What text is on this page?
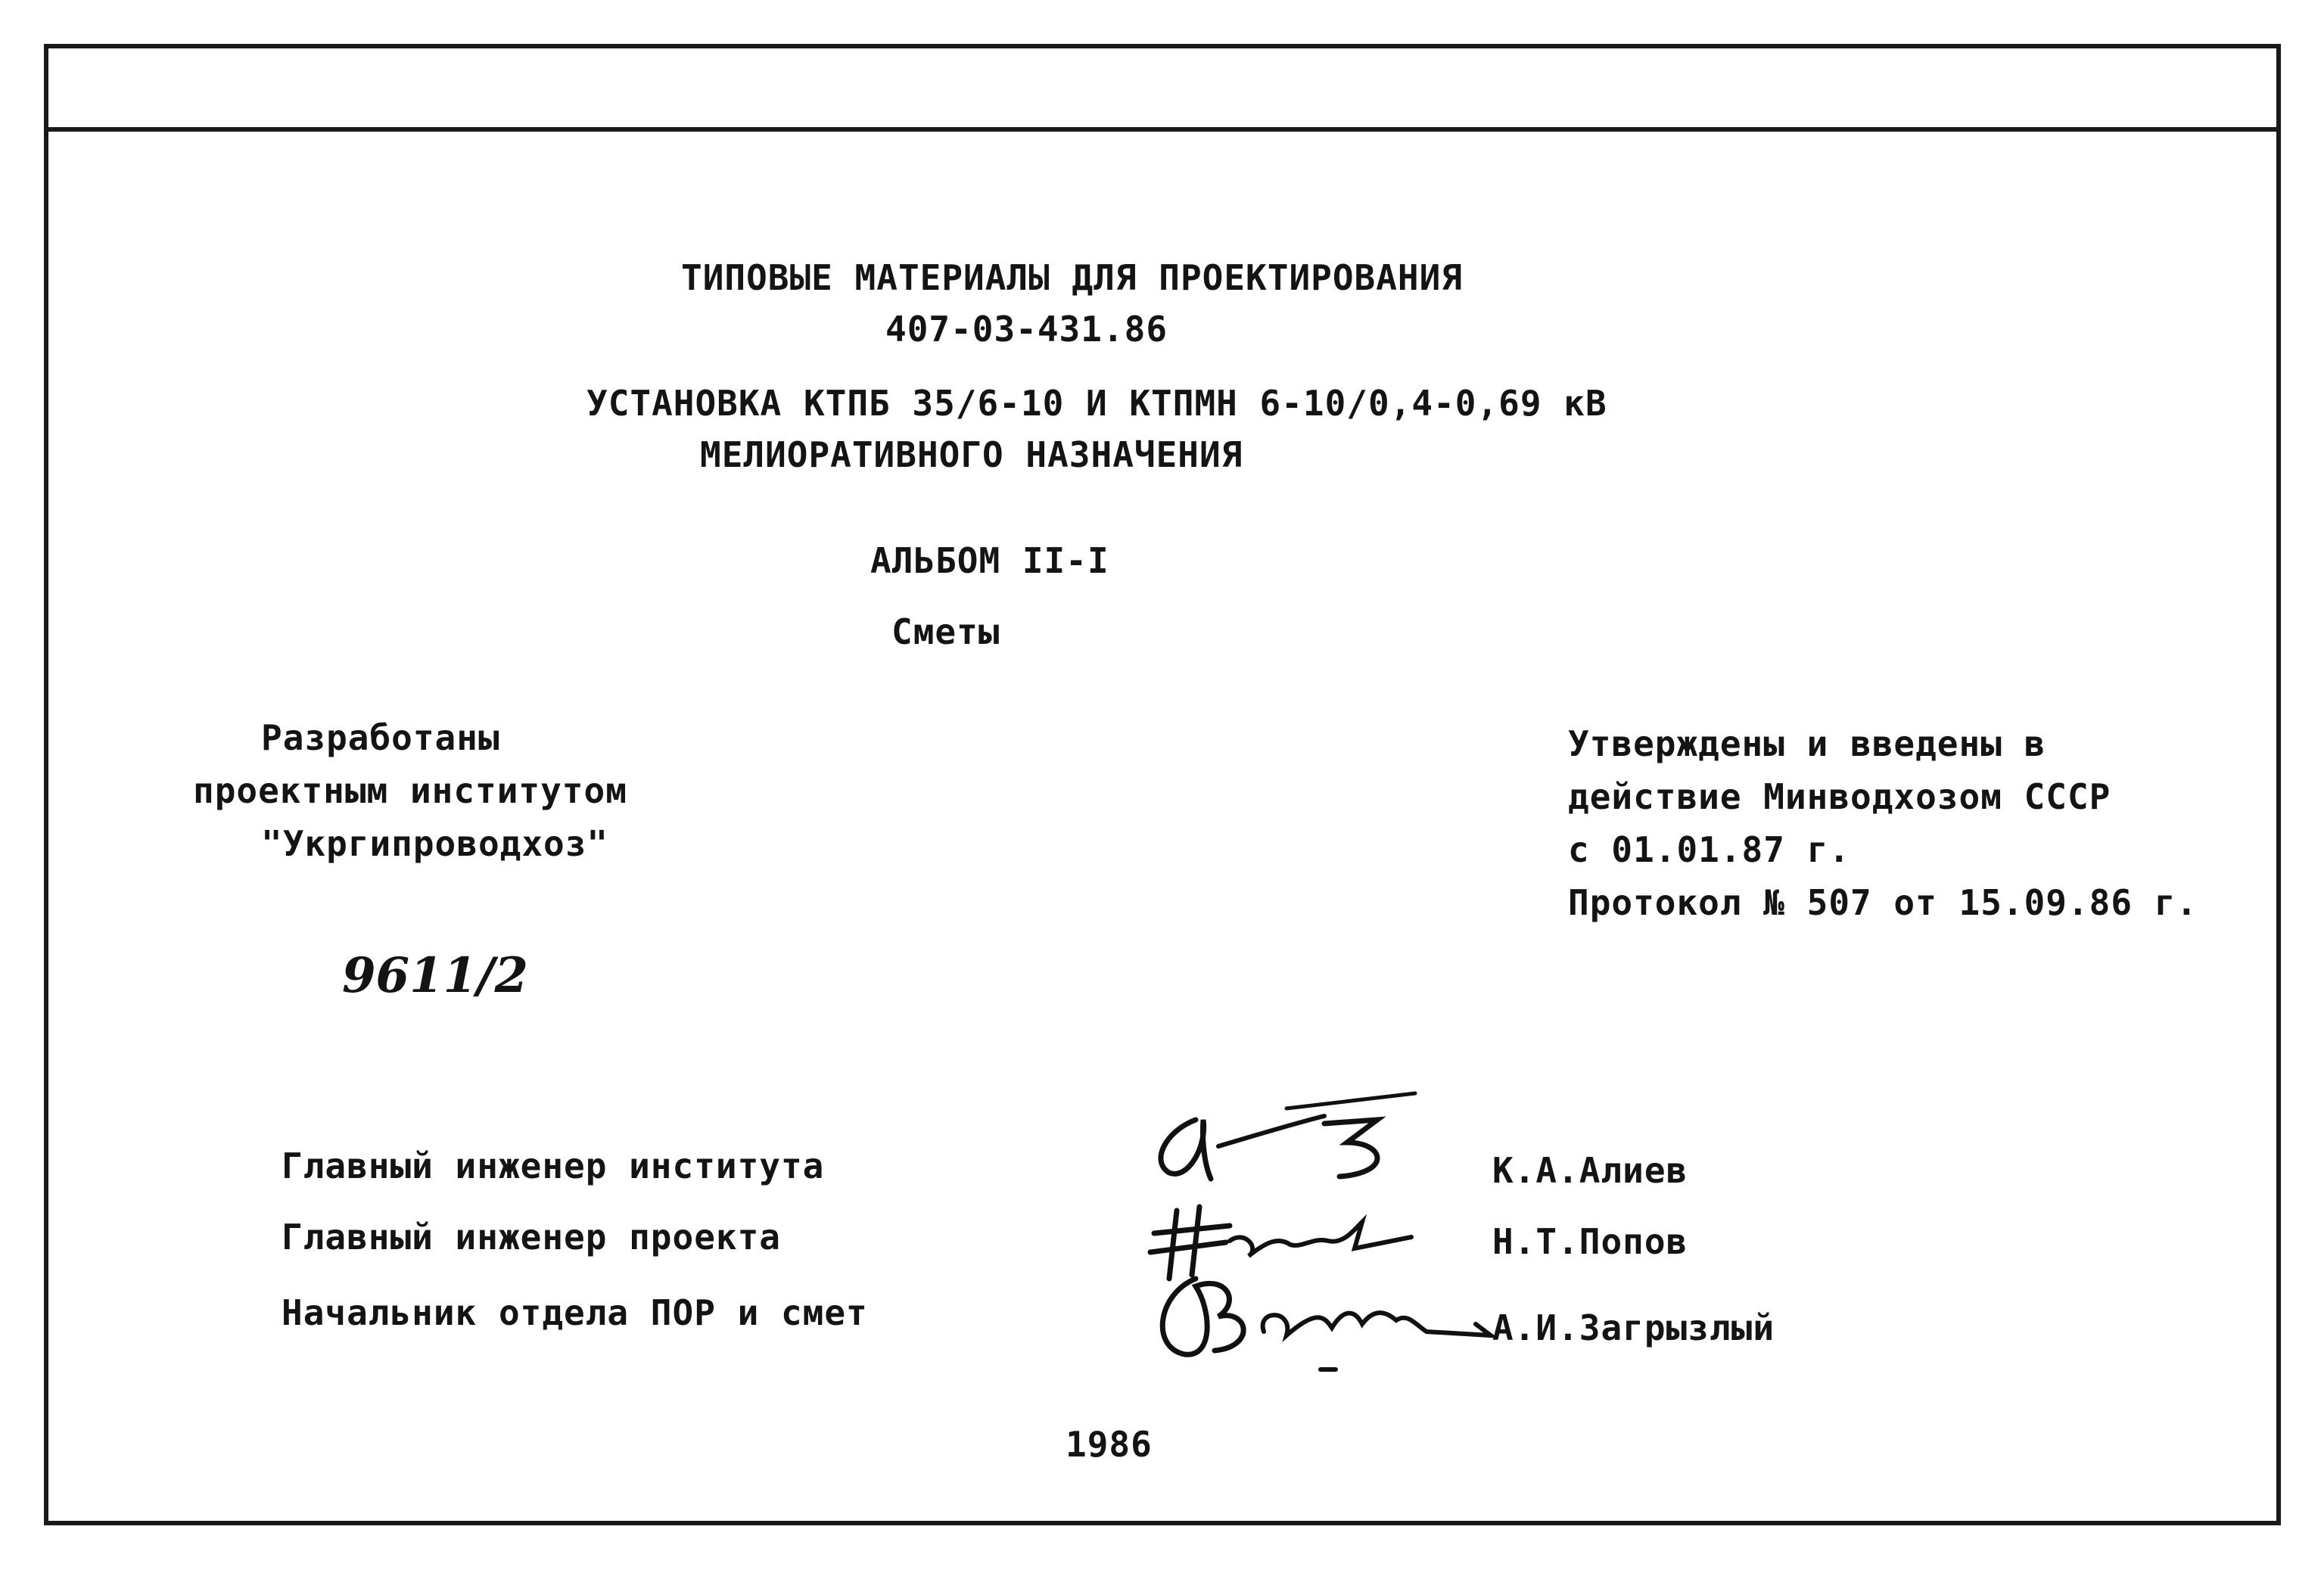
ТИПОВЫЕ МАТЕРИАЛЫ ДЛЯ ПРОЕКТИРОВАНИЯ
407-03-431.86
УСТАНОВКА КТПБ 35/6-10 И КТПМН 6-10/0,4-0,69 кВ
МЕЛИОРАТИВНОГО НАЗНАЧЕНИЯ
АЛЬБОМ II-I
Сметы
Разработаны
проектным институтом
"Укргипроводхоз"
Утверждены и введены в
действие Минводхозом СССР
с 01.01.87 г.
Протокол № 507 от 15.09.86 г.
9611/2
Главный инженер института
Главный инженер проекта
Начальник отдела ПОР и смет
К.А.Алиев
Н.Т.Попов
А.И.Загрызлый
1986
